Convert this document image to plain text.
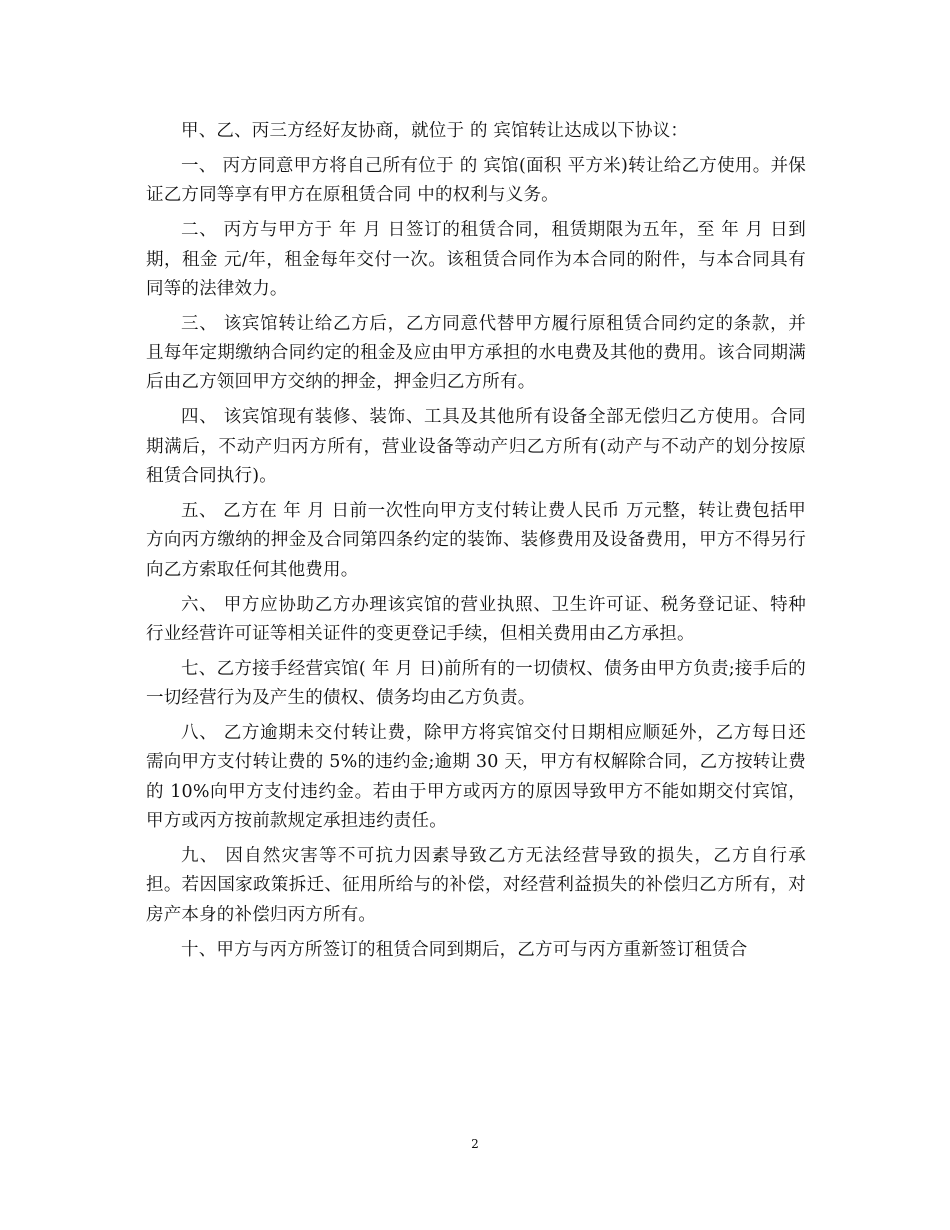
甲、乙、丙三方经好友协商，就位于 的 宾馆转让达成以下协议：

一、 丙方同意甲方将自己所有位于 的 宾馆(面积 平方米)转让给乙方使用。并保证乙方同等享有甲方在原租赁合同 中的权利与义务。

二、 丙方与甲方于 年 月 日签订的租赁合同，租赁期限为五年，至 年 月 日到期，租金 元/年，租金每年交付一次。该租赁合同作为本合同的附件，与本合同具有同等的法律效力。

三、 该宾馆转让给乙方后，乙方同意代替甲方履行原租赁合同约定的条款，并且每年定期缴纳合同约定的租金及应由甲方承担的水电费及其他的费用。该合同期满后由乙方领回甲方交纳的押金，押金归乙方所有。

四、 该宾馆现有装修、装饰、工具及其他所有设备全部无偿归乙方使用。合同期满后，不动产归丙方所有，营业设备等动产归乙方所有(动产与不动产的划分按原租赁合同执行)。

五、 乙方在 年 月 日前一次性向甲方支付转让费人民币 万元整，转让费包括甲方向丙方缴纳的押金及合同第四条约定的装饰、装修费用及设备费用，甲方不得另行向乙方索取任何其他费用。

六、 甲方应协助乙方办理该宾馆的营业执照、卫生许可证、税务登记证、特种行业经营许可证等相关证件的变更登记手续，但相关费用由乙方承担。

七、乙方接手经营宾馆( 年 月 日)前所有的一切债权、债务由甲方负责;接手后的一切经营行为及产生的债权、债务均由乙方负责。

八、 乙方逾期未交付转让费，除甲方将宾馆交付日期相应顺延外，乙方每日还需向甲方支付转让费的 5%的违约金;逾期 30 天，甲方有权解除合同，乙方按转让费的 10%向甲方支付违约金。若由于甲方或丙方的原因导致甲方不能如期交付宾馆，甲方或丙方按前款规定承担违约责任。

九、 因自然灾害等不可抗力因素导致乙方无法经营导致的损失，乙方自行承担。若因国家政策拆迁、征用所给与的补偿，对经营利益损失的补偿归乙方所有，对房产本身的补偿归丙方所有。

十、甲方与丙方所签订的租赁合同到期后，乙方可与丙方重新签订租赁合

2
